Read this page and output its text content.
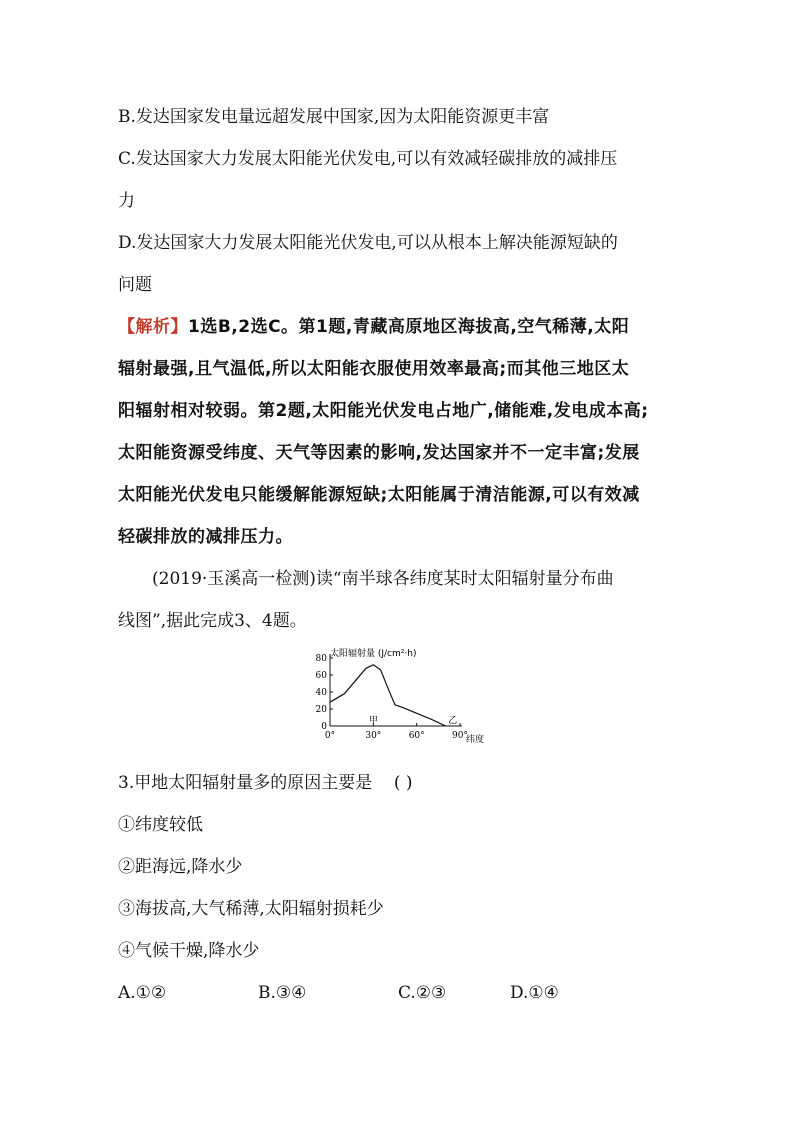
B.发达国家发电量远超发展中国家,因为太阳能资源更丰富
C.发达国家大力发展太阳能光伏发电,可以有效减轻碳排放的减排压
力
D.发达国家大力发展太阳能光伏发电,可以从根本上解决能源短缺的
问题
【解析】1选B,2选C。第1题,青藏高原地区海拔高,空气稀薄,太阳
辐射最强,且气温低,所以太阳能衣服使用效率最高;而其他三地区太
阳辐射相对较弱。第2题,太阳能光伏发电占地广,储能难,发电成本高;
太阳能资源受纬度、天气等因素的影响,发达国家并不一定丰富;发展
太阳能光伏发电只能缓解能源短缺;太阳能属于清洁能源,可以有效减
轻碳排放的减排压力。
(2019·玉溪高一检测)读“南半球各纬度某时太阳辐射量分布曲
线图”,据此完成3、4题。
太阳辐射量 (J/cm²·h)
纬度
0
20
40
60
80
0°	30°	60°	90°
甲	乙
3.甲地太阳辐射量多的原因主要是 ( )
①纬度较低
②距海远,降水少
③海拔高,大气稀薄,太阳辐射损耗少
④气候干燥,降水少
A.①②	B.③④	C.②③	D.①④
